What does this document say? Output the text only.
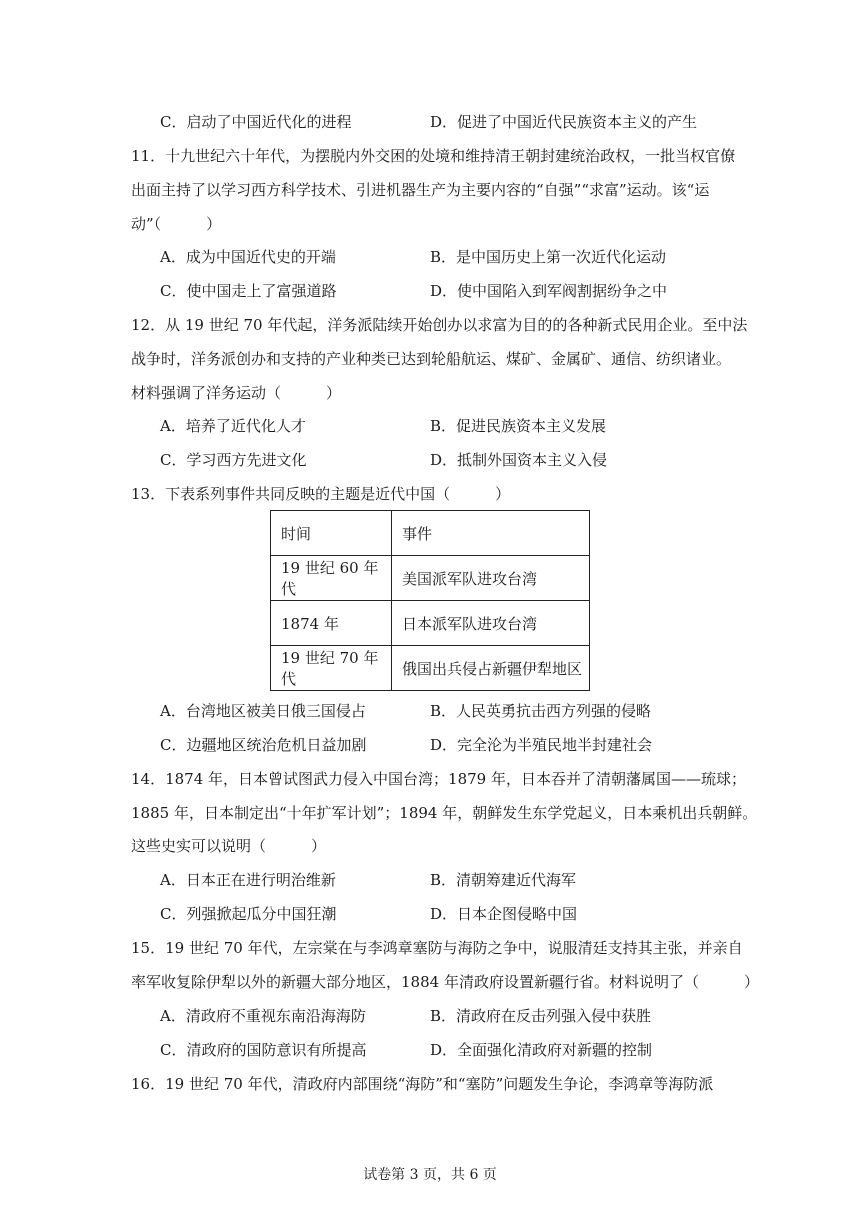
C．启动了中国近代化的进程	D．促进了中国近代民族资本主义的产生
11．十九世纪六十年代，为摆脱内外交困的处境和维持清王朝封建统治政权，一批当权官僚
出面主持了以学习西方科学技术、引进机器生产为主要内容的“自强”“求富”运动。该“运
动”（　　　）
A．成为中国近代史的开端	B．是中国历史上第一次近代化运动
C．使中国走上了富强道路	D．使中国陷入到军阀割据纷争之中
12．从 19 世纪 70 年代起，洋务派陆续开始创办以求富为目的的各种新式民用企业。至中法
战争时，洋务派创办和支持的产业种类已达到轮船航运、煤矿、金属矿、通信、纺织诸业。
材料强调了洋务运动（　　　）
A．培养了近代化人才	B．促进民族资本主义发展
C．学习西方先进文化	D．抵制外国资本主义入侵
13．下表系列事件共同反映的主题是近代中国（　　　）
时间	事件
19 世纪 60 年代	美国派军队进攻台湾
1874 年	日本派军队进攻台湾
19 世纪 70 年代	俄国出兵侵占新疆伊犁地区
A．台湾地区被美日俄三国侵占	B．人民英勇抗击西方列强的侵略
C．边疆地区统治危机日益加剧	D．完全沦为半殖民地半封建社会
14．1874 年，日本曾试图武力侵入中国台湾；1879 年，日本吞并了清朝藩属国——琉球；
1885 年，日本制定出“十年扩军计划”；1894 年，朝鲜发生东学党起义，日本乘机出兵朝鲜。
这些史实可以说明（　　　）
A．日本正在进行明治维新	B．清朝筹建近代海军
C．列强掀起瓜分中国狂潮	D．日本企图侵略中国
15．19 世纪 70 年代，左宗棠在与李鸿章塞防与海防之争中，说服清廷支持其主张，并亲自
率军收复除伊犁以外的新疆大部分地区，1884 年清政府设置新疆行省。材料说明了（　　　）
A．清政府不重视东南沿海海防	B．清政府在反击列强入侵中获胜
C．清政府的国防意识有所提高	D．全面强化清政府对新疆的控制
16．19 世纪 70 年代，清政府内部围绕“海防”和“塞防”问题发生争论，李鸿章等海防派
试卷第 3 页，共 6 页
